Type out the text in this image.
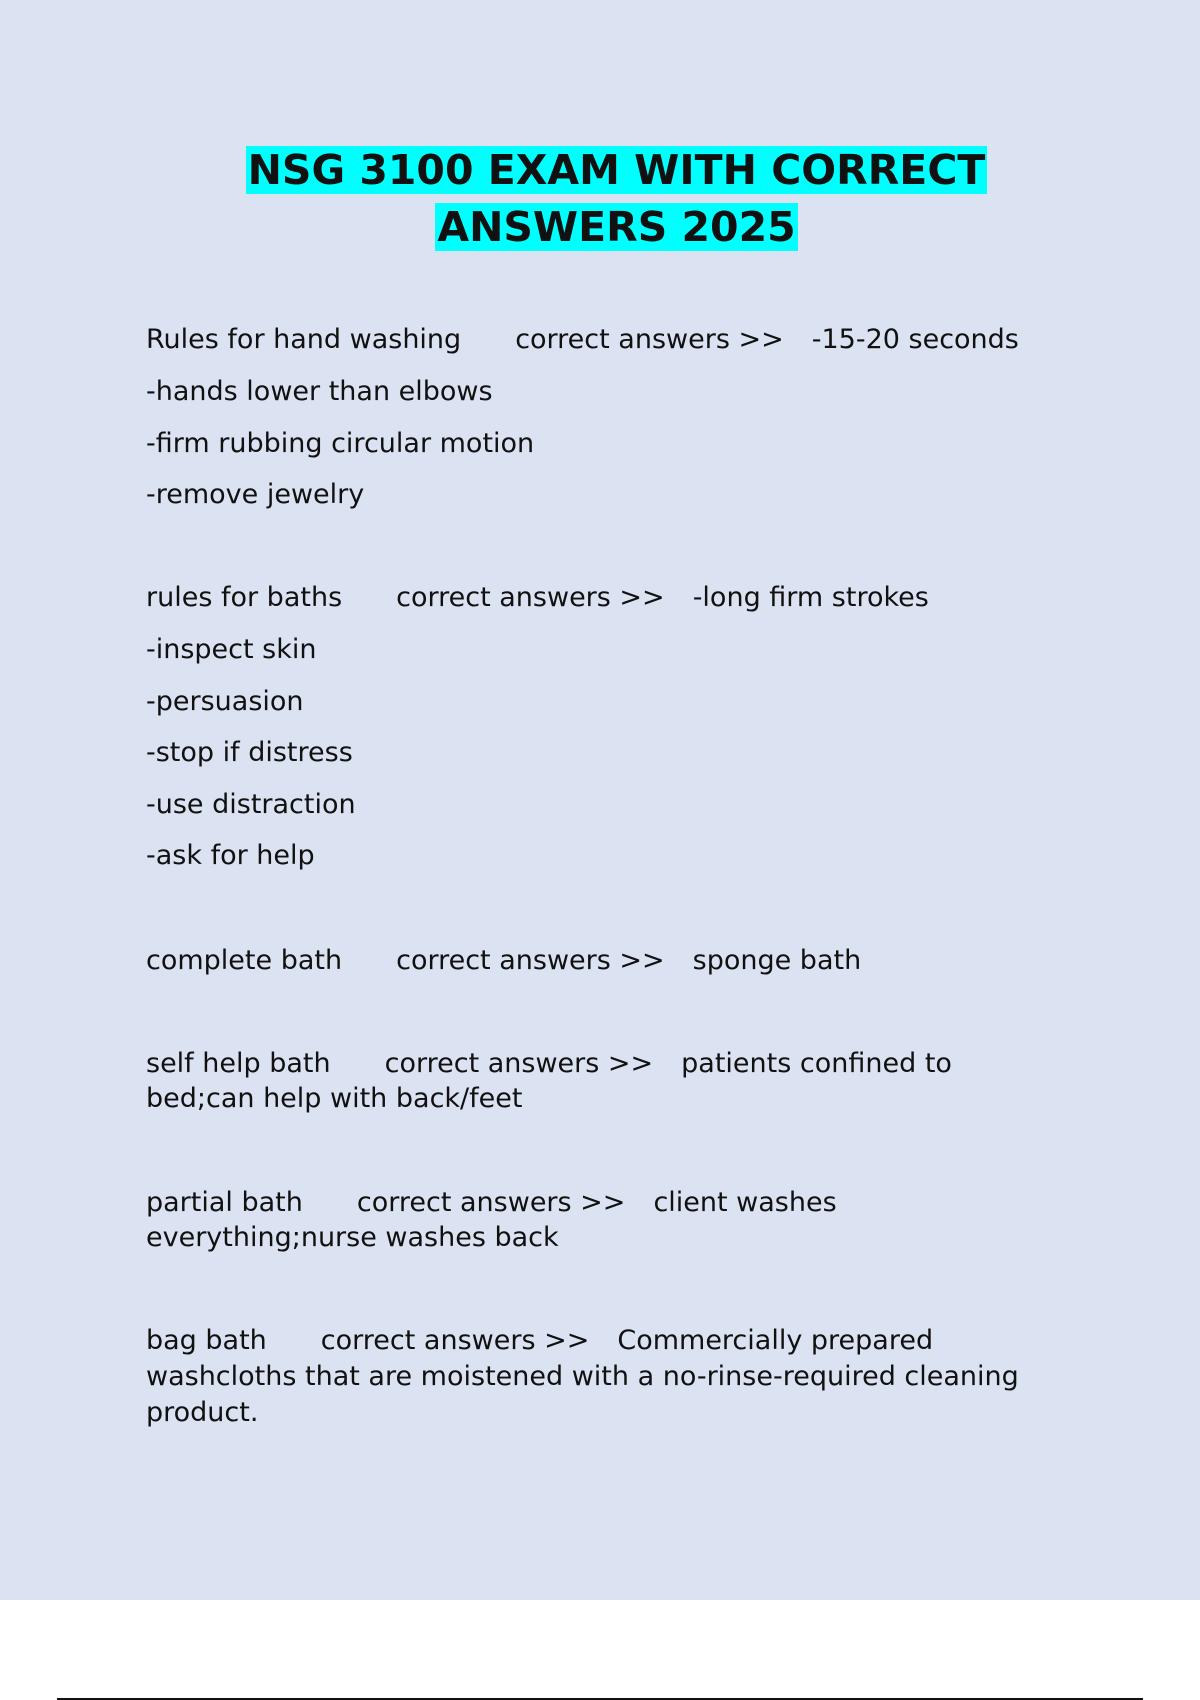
NSG 3100 EXAM WITH CORRECT
ANSWERS 2025
Rules for hand washing correct answers >> -15-20 seconds
-hands lower than elbows
-firm rubbing circular motion
-remove jewelry
rules for baths correct answers >> -long firm strokes
-inspect skin
-persuasion
-stop if distress
-use distraction
-ask for help
complete bath correct answers >> sponge bath
self help bath correct answers >> patients confined to
bed;can help with back/feet
partial bath correct answers >> client washes
everything;nurse washes back
bag bath correct answers >> Commercially prepared
washcloths that are moistened with a no-rinse-required cleaning product.
